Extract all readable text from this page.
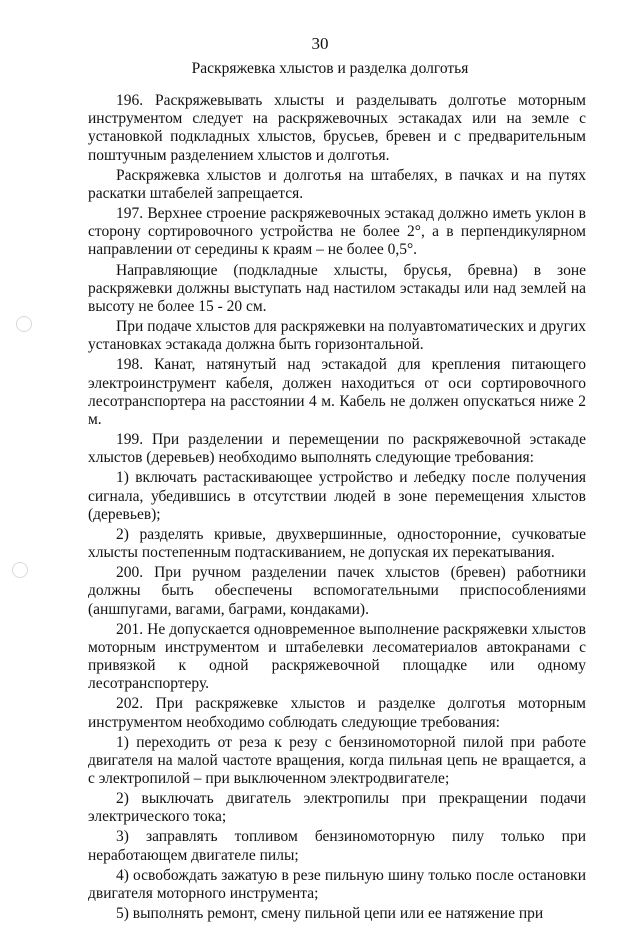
30
Раскряжевка хлыстов и разделка долготья

196. Раскряжевывать хлысты и разделывать долготье моторным инструментом следует на раскряжевочных эстакадах или на земле с установкой подкладных хлыстов, брусьев, бревен и с предварительным поштучным разделением хлыстов и долготья.

Раскряжевка хлыстов и долготья на штабелях, в пачках и на путях раскатки штабелей запрещается.

197. Верхнее строение раскряжевочных эстакад должно иметь уклон в сторону сортировочного устройства не более 2°, а в перпендикулярном направлении от середины к краям – не более 0,5°.

Направляющие (подкладные хлысты, брусья, бревна) в зоне раскряжевки должны выступать над настилом эстакады или над землей на высоту не более 15 - 20 см.

При подаче хлыстов для раскряжевки на полуавтоматических и других установках эстакада должна быть горизонтальной.

198. Канат, натянутый над эстакадой для крепления питающего электроинструмент кабеля, должен находиться от оси сортировочного лесотранспортера на расстоянии 4 м. Кабель не должен опускаться ниже 2 м.

199. При разделении и перемещении по раскряжевочной эстакаде хлыстов (деревьев) необходимо выполнять следующие требования:

1) включать растаскивающее устройство и лебедку после получения сигнала, убедившись в отсутствии людей в зоне перемещения хлыстов (деревьев);

2) разделять кривые, двухвершинные, односторонние, сучковатые хлысты постепенным подтаскиванием, не допуская их перекатывания.

200. При ручном разделении пачек хлыстов (бревен) работники должны быть обеспечены вспомогательными приспособлениями (аншпугами, вагами, баграми, кондаками).

201. Не допускается одновременное выполнение раскряжевки хлыстов моторным инструментом и штабелевки лесоматериалов автокранами с привязкой к одной раскряжевочной площадке или одному лесотранспортеру.

202. При раскряжевке хлыстов и разделке долготья моторным инструментом необходимо соблюдать следующие требования:

1) переходить от реза к резу с бензиномоторной пилой при работе двигателя на малой частоте вращения, когда пильная цепь не вращается, а с электропилой – при выключенном электродвигателе;

2) выключать двигатель электропилы при прекращении подачи электрического тока;

3) заправлять топливом бензиномоторную пилу только при неработающем двигателе пилы;

4) освобождать зажатую в резе пильную шину только после остановки двигателя моторного инструмента;

5) выполнять ремонт, смену пильной цепи или ее натяжение при
